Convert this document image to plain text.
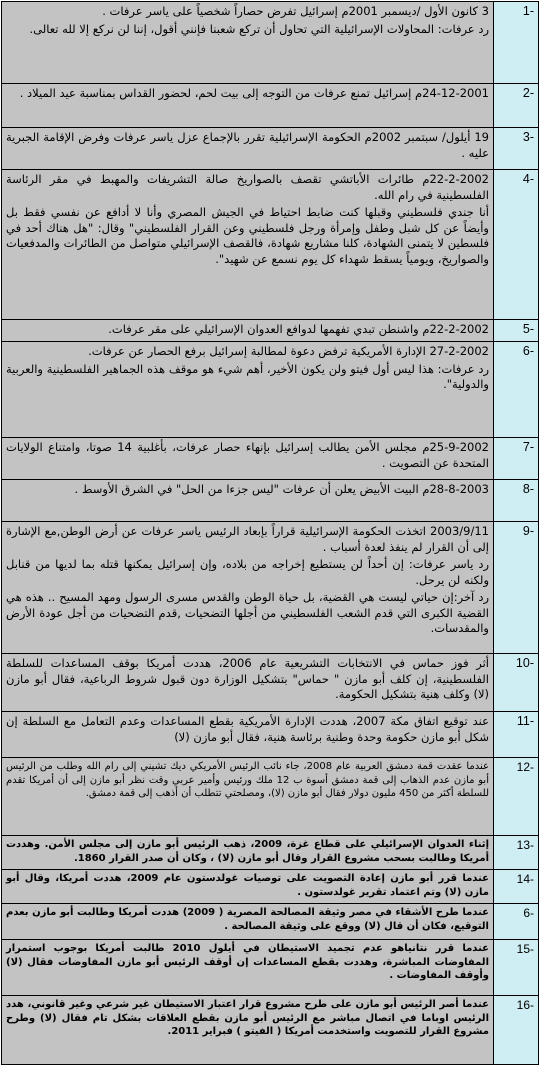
1-	3 كانون الأول /ديسمبر 2001م إسرائيل تفرض حصاراً شخصياً على ياسر عرفات .

رد عرفات: المحاولات الإسرائيلية التي تحاول أن تركع شعبنا فإنني أقول، إننا لن نركع إلا لله تعالى.

2-	24-12-2001م إسرائيل تمنع عرفات من التوجه إلى بيت لحم، لحضور القداس بمناسبة عيد الميلاد .

3-	19 أيلول/ سبتمبر 2002م الحكومة الإسرائيلية تقرر بالإجماع عزل ياسر عرفات وفرض الإقامة الجبرية عليه .

4-	22-2-2002م طائرات الأباتشي تقصف بالصواريخ صالة التشريفات والمهبط في مقر الرئاسة الفلسطينية في رام الله.

أنا جندي فلسطيني وقبلها كنت ضابط احتياط في الجيش المصري وأنا لا أدافع عن نفسي فقط بل وأيضاً عن كل شبل وطفل وإمرأة ورجل فلسطيني وعن القرار الفلسطيني" وقال: "هل هناك أحد في فلسطين لا يتمنى الشهادة، كلنا مشاريع شهادة، فالقصف الإسرائيلي متواصل من الطائرات والمدفعيات والصواريخ، ويومياً يسقط شهداء كل يوم نسمع عن شهيد".

5-	22-2-2002م واشنطن تبدي تفهمها لدوافع العدوان الإسرائيلي على مقر عرفات.

6-	27-2-2002 الإدارة الأمريكية ترفض دعوة لمطالبة إسرائيل برفع الحصار عن عرفات.

رد عرفات: هذا ليس أول فيتو ولن يكون الأخير، أهم شيء هو موقف هذه الجماهير الفلسطينية والعربية والدولية".

7-	25-9-2002م مجلس الأمن يطالب إسرائيل بإنهاء حصار عرفات، بأغلبية 14 صوتا، وامتناع الولايات المتحدة عن التصويت .

8-	28-8-2003م البيت الأبيض يعلن أن عرفات "ليس جزءا من الحل" في الشرق الأوسط .

9-	2003/9/11 اتخذت الحكومة الإسرائيلية قراراً بإبعاد الرئيس ياسر عرفات عن أرض الوطن,مع الإشارة إلى أن القرار لم ينفذ لعدة أسباب .

رد ياسر عرفات: إن أحداً لن يستطيع إخراجه من بلاده، وإن إسرائيل يمكنها قتله بما لديها من قنابل ولكنه لن يرحل.

رد آخر:إن حياتي ليست هي القضية، بل حياة الوطن والقدس مسرى الرسول ومهد المسيح .. هذه هي القضية الكبرى التي قدم الشعب الفلسطيني من أجلها التضحيات ,قدم التضحيات من أجل عودة الأرض والمقدسات.

10-	أثر فوز حماس في الانتخابات التشريعية عام 2006، هددت أمريكا بوقف المساعدات للسلطة الفلسطينية، إن كلف أبو مازن " حماس" بتشكيل الوزارة دون قبول شروط الرباعية، فقال أبو مازن (لا) وكلف هنية بتشكيل الحكومة.

11-	عند توقيع اتفاق مكة 2007، هددت الإدارة الأمريكية بقطع المساعدات وعدم التعامل مع السلطة إن شكل أبو مازن حكومة وحدة وطنية برئاسة هنية، فقال أبو مازن (لا)

12-	عندما عقدت قمة دمشق العربية عام 2008، جاء نائب الرئيس الأمريكي ديك تشيني إلى رام الله وطلب من الرئيس أبو مازن عدم الذهاب إلى قمة دمشق أسوة ب 12 ملك ورئيس وأمير عربي وقت نظر أبو مازن إلى أن أمريكا تقدم للسلطة أكثر من 450 مليون دولار فقال أبو مازن (لا)، ومصلحتي تتطلب أن أذهب إلى قمة دمشق.

13-	إثناء العدوان الإسرائيلي على قطاع غزة، 2009، ذهب الرئيس أبو مازن إلى مجلس الأمن. وهددت أمريكا وطالبت بسحب مشروع القرار وقال أبو مازن (لا) ، وكان أن صدر القرار 1860.

14-	عندما قرر أبو مازن إعادة التصويت على توصيات غولدستون عام 2009، هددت أمريكا، وقال أبو مازن (لا) وتم اعتماد تقرير غولدستون .

6-	عندما طرح الأشقاء في مصر وثيقة المصالحة المصرية ( 2009) هددت أمريكا وطالبت أبو مازن بعدم التوقيع، فكان أن قال (لا) ووقع على وثيقة المصالحة .

15-	عندما قرر نتانياهو عدم تجميد الاستيطان في أيلول 2010 طالبت أمريكا بوجوب استمرار المفاوضات المباشرة، وهددت بقطع المساعدات إن أوقف الرئيس أبو مازن المفاوضات فقال (لا) وأوقف المفاوضات .

16-	عندما أصر الرئيس أبو مازن على طرح مشروع قرار اعتبار الاستيطان غير شرعي وغير قانوني، هدد الرئيس اوباما في اتصال مباشر مع الرئيس أبو مازن بقطع العلاقات بشكل تام فقال (لا) وطرح مشروع القرار للتصويت واستخدمت أمريكا ( الفيتو ) فبراير 2011.
